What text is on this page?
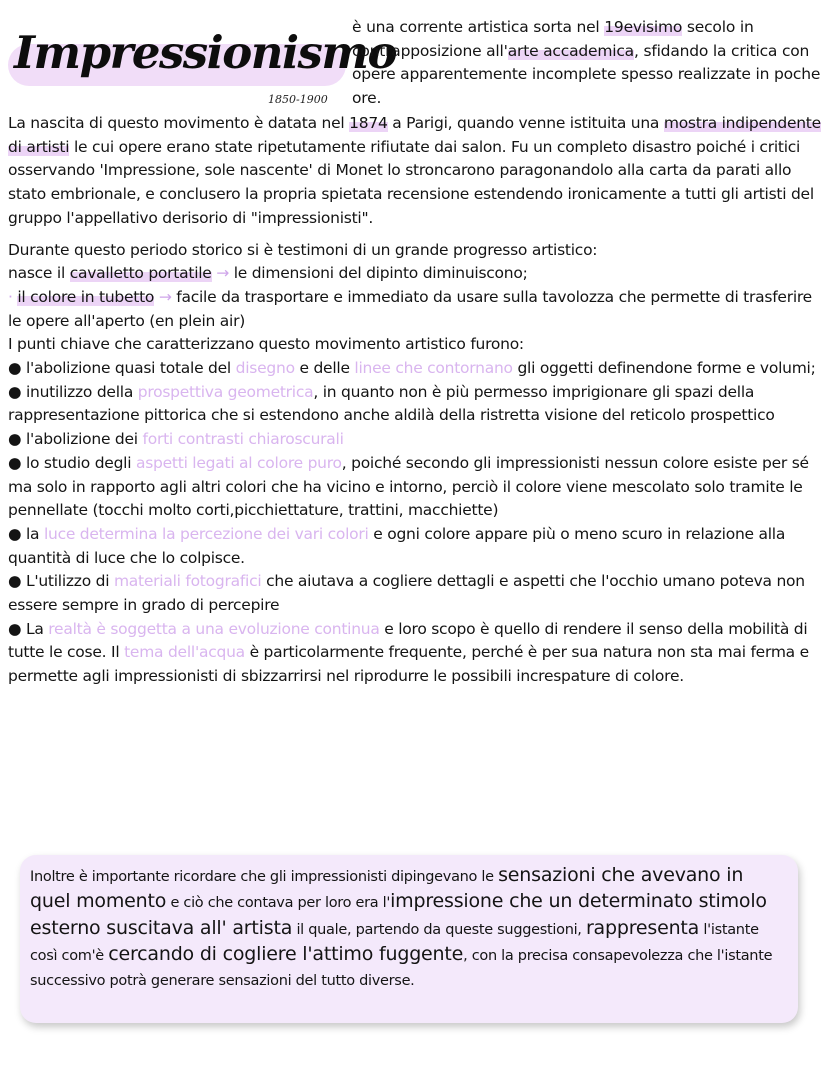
Impressionismo
1850-1900

è una corrente artistica sorta nel 19evisimo secolo in contrapposizione all'arte accademica, sfidando la critica con opere apparentemente incomplete spesso realizzate in poche ore.

La nascita di questo movimento è datata nel 1874 a Parigi, quando venne istituita una mostra indipendente di artisti le cui opere erano state ripetutamente rifiutate dai salon. Fu un completo disastro poiché i critici osservando 'Impressione, sole nascente' di Monet lo stroncarono paragonandolo alla carta da parati allo stato embrionale, e conclusero la propria spietata recensione estendendo ironicamente a tutti gli artisti del gruppo l'appellativo derisorio di "impressionisti".

Durante questo periodo storico si è testimoni di un grande progresso artistico:

nasce il cavalletto portatile → le dimensioni del dipinto diminuiscono;

· il colore in tubetto → facile da trasportare e immediato da usare sulla tavolozza che permette di trasferire le opere all'aperto (en plein air)

I punti chiave che caratterizzano questo movimento artistico furono:

● l'abolizione quasi totale del disegno e delle linee che contornano gli oggetti definendone forme e volumi;

● inutilizzo della prospettiva geometrica, in quanto non è più permesso imprigionare gli spazi della rappresentazione pittorica che si estendono anche aldilà della ristretta visione del reticolo prospettico

● l'abolizione dei forti contrasti chiaroscurali

● lo studio degli aspetti legati al colore puro, poiché secondo gli impressionisti nessun colore esiste per sé ma solo in rapporto agli altri colori che ha vicino e intorno, perciò il colore viene mescolato solo tramite le pennellate (tocchi molto corti,picchiettature, trattini, macchiette)

● la luce determina la percezione dei vari colori e ogni colore appare più o meno scuro in relazione alla quantità di luce che lo colpisce.

● L'utilizzo di materiali fotografici che aiutava a cogliere dettagli e aspetti che l'occhio umano poteva non essere sempre in grado di percepire

● La realtà è soggetta a una evoluzione continua e loro scopo è quello di rendere il senso della mobilità di tutte le cose. Il tema dell'acqua è particolarmente frequente, perché è per sua natura non sta mai ferma e permette agli impressionisti di sbizzarrirsi nel riprodurre le possibili increspature di colore.

Inoltre è importante ricordare che gli impressionisti dipingevano le sensazioni che avevano in quel momento e ciò che contava per loro era l'impressione che un determinato stimolo esterno suscitava all' artista il quale, partendo da queste suggestioni, rappresenta l'istante così com'è cercando di cogliere l'attimo fuggente, con la precisa consapevolezza che l'istante successivo potrà generare sensazioni del tutto diverse.
